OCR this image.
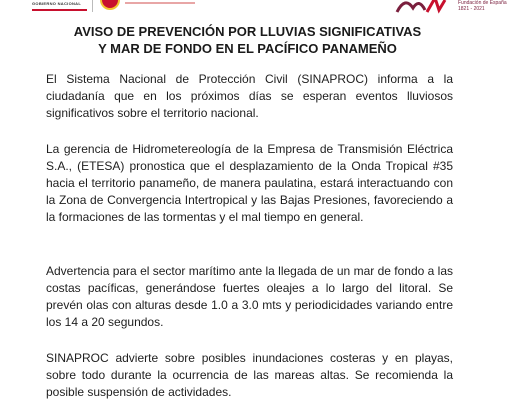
GOBIERNO NACIONAL	Fundación de España
1821 - 2021
AVISO DE PREVENCIÓN POR LLUVIAS SIGNIFICATIVAS
Y MAR DE FONDO EN EL PACÍFICO PANAMEÑO

El Sistema Nacional de Protección Civil (SINAPROC) informa a la ciudadanía que en los próximos días se esperan eventos lluviosos significativos sobre el territorio nacional.

La gerencia de Hidrometereología de la Empresa de Transmisión Eléctrica S.A., (ETESA) pronostica que el desplazamiento de la Onda Tropical #35 hacia el territorio panameño, de manera paulatina, estará interactuando con la Zona de Convergencia Intertropical y las Bajas Presiones, favoreciendo a la formaciones de las tormentas y el mal tiempo en general.

Advertencia para el sector marítimo ante la llegada de un mar de fondo a las costas pacíficas, generándose fuertes oleajes a lo largo del litoral. Se prevén olas con alturas desde 1.0 a 3.0 mts y periodicidades variando entre los 14 a 20 segundos.

SINAPROC advierte sobre posibles inundaciones costeras y en playas, sobre todo durante la ocurrencia de las mareas altas. Se recomienda la posible suspensión de actividades.
